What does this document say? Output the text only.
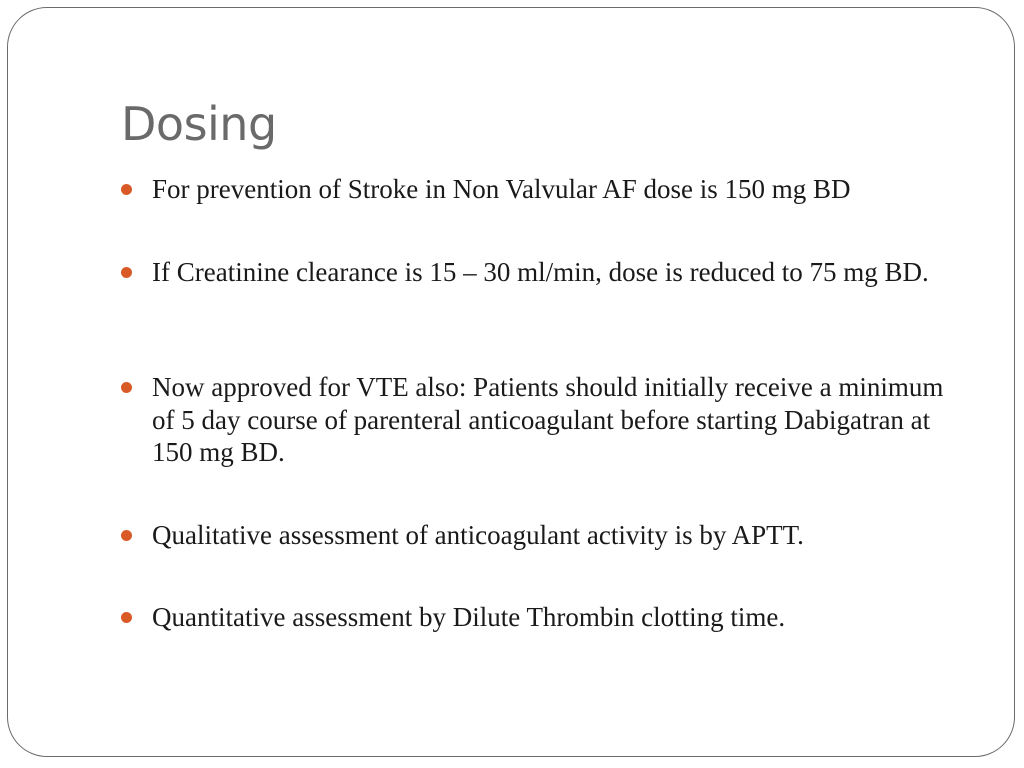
Dosing
For prevention of Stroke in Non Valvular AF dose is 150 mg BD
If Creatinine clearance is 15 – 30 ml/min, dose is reduced to 75 mg BD.
Now approved for VTE also: Patients should initially receive a minimum of 5 day course of parenteral anticoagulant before starting Dabigatran at 150 mg BD.
Qualitative assessment of anticoagulant activity is by APTT.
Quantitative assessment by Dilute Thrombin clotting time.
